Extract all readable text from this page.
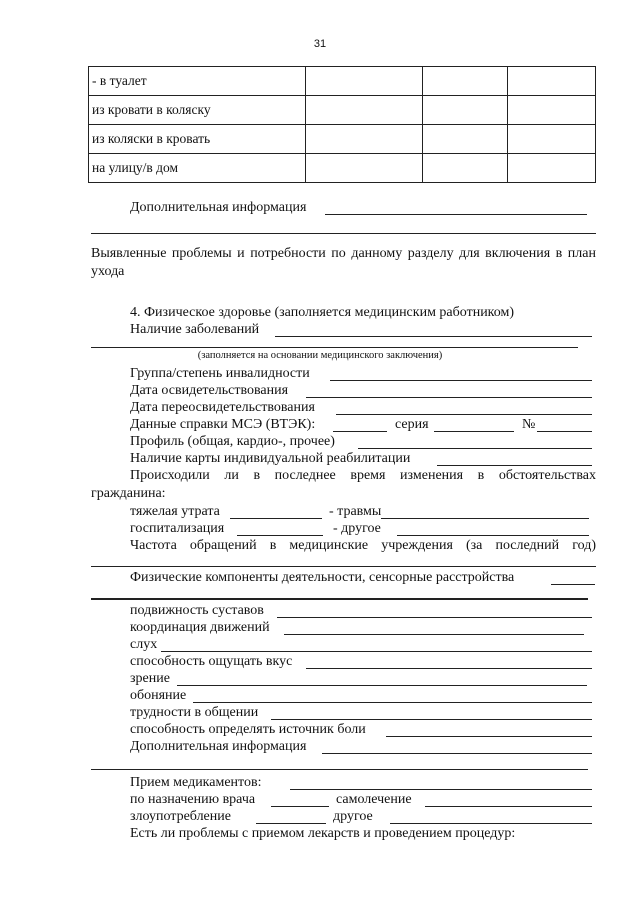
31
- в туалет			
из кровати в коляску			
из коляски в кровать			
на улицу/в дом			
Дополнительная информация
Выявленные проблемы и потребности по данному разделу для включения в план ухода
4. Физическое здоровье (заполняется медицинским работником)
Наличие заболеваний
(заполняется на основании медицинского заключения)
Группа/степень инвалидности
Дата освидетельствования
Дата переосвидетельствования
Данные справки МСЭ (ВТЭК):	серия	№
Профиль (общая, кардио-, прочее)
Наличие карты индивидуальной реабилитации
Происходили ли в последнее время изменения в обстоятельствах гражданина:
тяжелая утрата	- травмы
госпитализация	- другое
Частота обращений в медицинские учреждения (за последний год)
Физические компоненты деятельности, сенсорные расстройства
подвижность суставов
координация движений
слух
способность ощущать вкус
зрение
обоняние
трудности в общении
способность определять источник боли
Дополнительная информация
Прием медикаментов:
по назначению врача	самолечение
злоупотребление	другое
Есть ли проблемы с приемом лекарств и проведением процедур:
